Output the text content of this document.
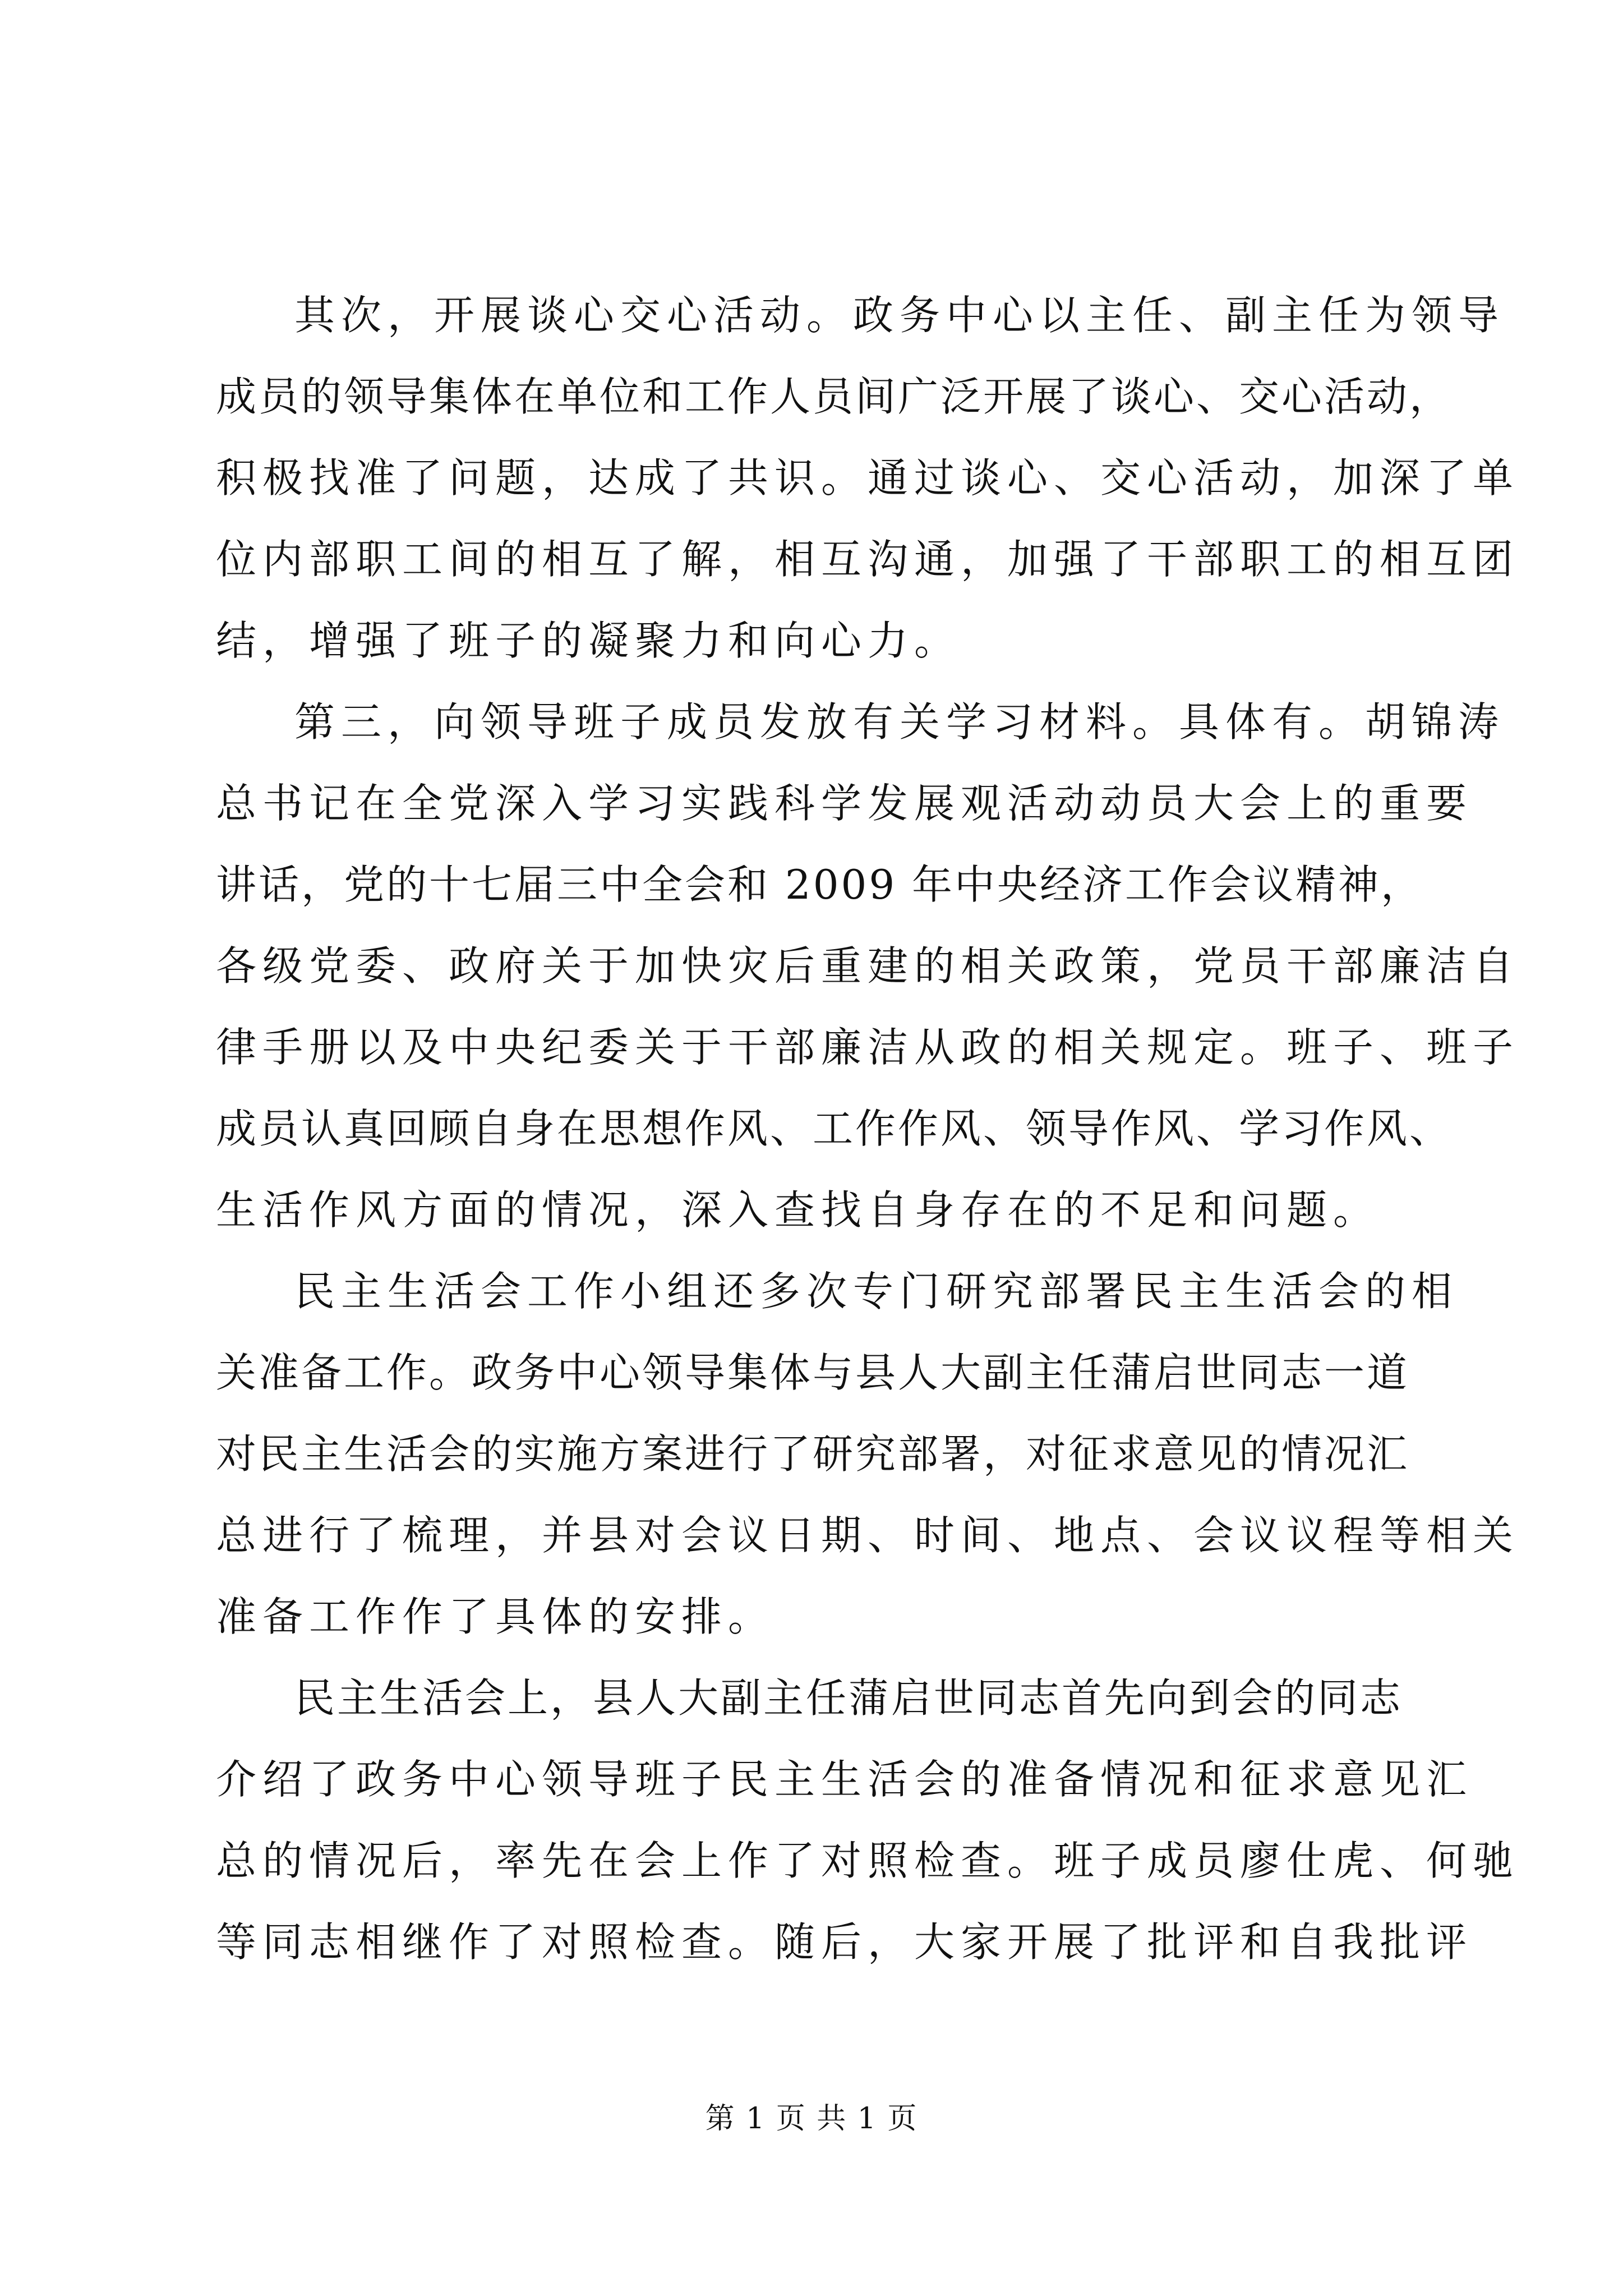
其次，开展谈心交心活动。政务中心以主任、副主任为领导
成员的领导集体在单位和工作人员间广泛开展了谈心、交心活动，
积极找准了问题，达成了共识。通过谈心、交心活动，加深了单
位内部职工间的相互了解，相互沟通，加强了干部职工的相互团
结，增强了班子的凝聚力和向心力。
第三，向领导班子成员发放有关学习材料。具体有。胡锦涛
总书记在全党深入学习实践科学发展观活动动员大会上的重要
讲话，党的十七届三中全会和 2009 年中央经济工作会议精神，
各级党委、政府关于加快灾后重建的相关政策，党员干部廉洁自
律手册以及中央纪委关于干部廉洁从政的相关规定。班子、班子
成员认真回顾自身在思想作风、工作作风、领导作风、学习作风、
生活作风方面的情况，深入查找自身存在的不足和问题。
民主生活会工作小组还多次专门研究部署民主生活会的相
关准备工作。政务中心领导集体与县人大副主任蒲启世同志一道
对民主生活会的实施方案进行了研究部署，对征求意见的情况汇
总进行了梳理，并县对会议日期、时间、地点、会议议程等相关
准备工作作了具体的安排。
民主生活会上，县人大副主任蒲启世同志首先向到会的同志
介绍了政务中心领导班子民主生活会的准备情况和征求意见汇
总的情况后，率先在会上作了对照检查。班子成员廖仕虎、何驰
等同志相继作了对照检查。随后，大家开展了批评和自我批评
第 1 页 共 1 页
